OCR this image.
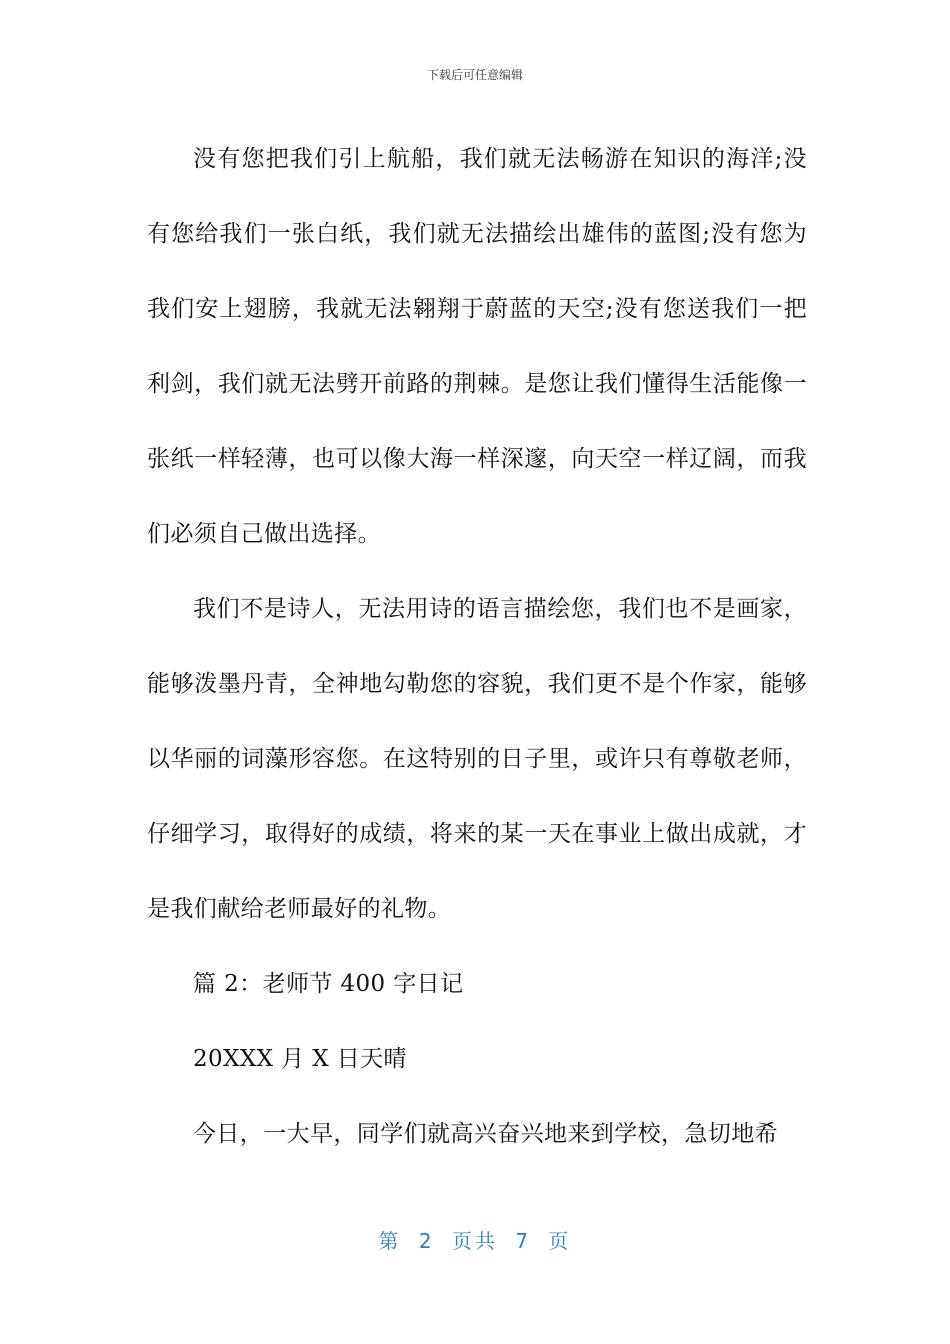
下载后可任意编辑

没有您把我们引上航船，我们就无法畅游在知识的海洋;没有您给我们一张白纸，我们就无法描绘出雄伟的蓝图;没有您为我们安上翅膀，我就无法翱翔于蔚蓝的天空;没有您送我们一把利剑，我们就无法劈开前路的荆棘。是您让我们懂得生活能像一张纸一样轻薄，也可以像大海一样深邃，向天空一样辽阔，而我们必须自己做出选择。

我们不是诗人，无法用诗的语言描绘您，我们也不是画家，能够泼墨丹青，全神地勾勒您的容貌，我们更不是个作家，能够以华丽的词藻形容您。在这特别的日子里，或许只有尊敬老师，仔细学习，取得好的成绩，将来的某一天在事业上做出成就，才是我们献给老师最好的礼物。

篇 2：老师节 400 字日记

20XXX 月 X 日天晴

今日，一大早，同学们就高兴奋兴地来到学校，急切地希

第 2 页共 7 页
